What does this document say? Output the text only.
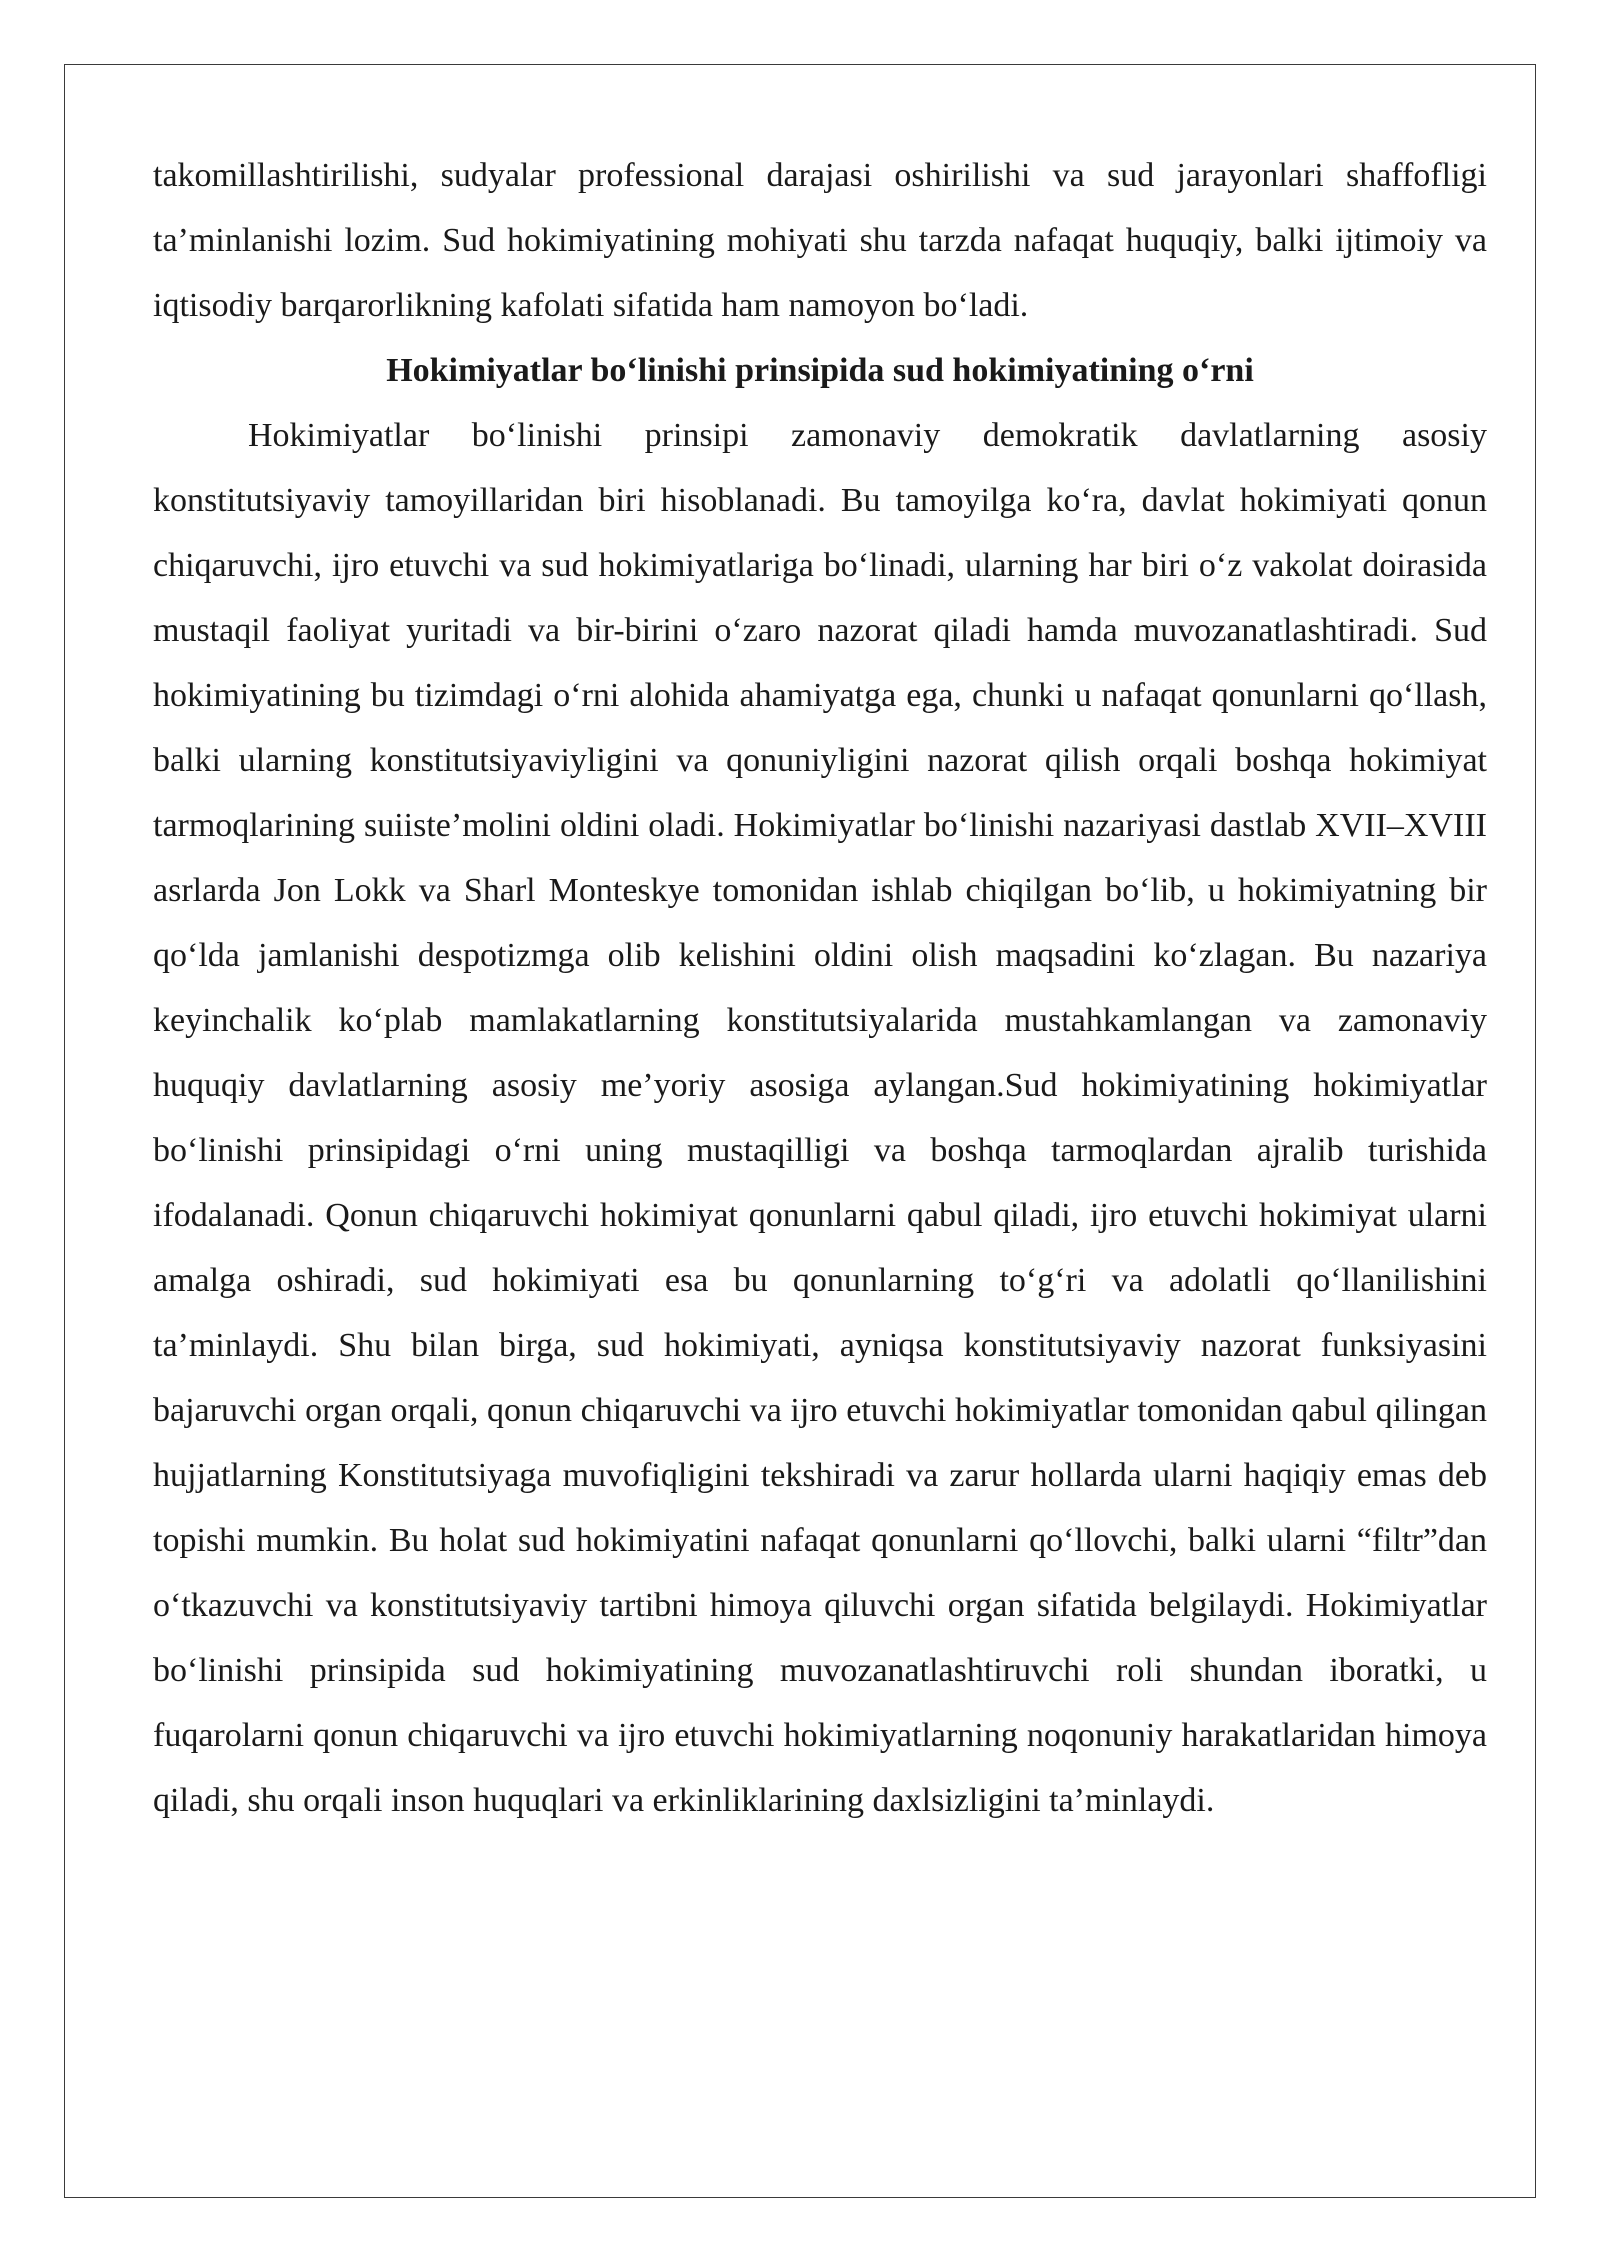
takomillashtirilishi, sudyalar professional darajasi oshirilishi va sud jarayonlari shaffofligi ta’minlanishi lozim. Sud hokimiyatining mohiyati shu tarzda nafaqat huquqiy, balki ijtimoiy va iqtisodiy barqarorlikning kafolati sifatida ham namoyon bo‘ladi.

Hokimiyatlar bo‘linishi prinsipida sud hokimiyatining o‘rni

Hokimiyatlar bo‘linishi prinsipi zamonaviy demokratik davlatlarning asosiy konstitutsiyaviy tamoyillaridan biri hisoblanadi. Bu tamoyilga ko‘ra, davlat hokimiyati qonun chiqaruvchi, ijro etuvchi va sud hokimiyatlariga bo‘linadi, ularning har biri o‘z vakolat doirasida mustaqil faoliyat yuritadi va bir-birini o‘zaro nazorat qiladi hamda muvozanatlashtiradi. Sud hokimiyatining bu tizimdagi o‘rni alohida ahamiyatga ega, chunki u nafaqat qonunlarni qo‘llash, balki ularning konstitutsiyaviyligini va qonuniyligini nazorat qilish orqali boshqa hokimiyat tarmoqlarining suiiste’molini oldini oladi. Hokimiyatlar bo‘linishi nazariyasi dastlab XVII–XVIII asrlarda Jon Lokk va Sharl Monteskye tomonidan ishlab chiqilgan bo‘lib, u hokimiyatning bir qo‘lda jamlanishi despotizmga olib kelishini oldini olish maqsadini ko‘zlagan. Bu nazariya keyinchalik ko‘plab mamlakatlarning konstitutsiyalarida mustahkamlangan va zamonaviy huquqiy davlatlarning asosiy me’yoriy asosiga aylangan.Sud hokimiyatining hokimiyatlar bo‘linishi prinsipidagi o‘rni uning mustaqilligi va boshqa tarmoqlardan ajralib turishida ifodalanadi. Qonun chiqaruvchi hokimiyat qonunlarni qabul qiladi, ijro etuvchi hokimiyat ularni amalga oshiradi, sud hokimiyati esa bu qonunlarning to‘g‘ri va adolatli qo‘llanilishini ta’minlaydi. Shu bilan birga, sud hokimiyati, ayniqsa konstitutsiyaviy nazorat funksiyasini bajaruvchi organ orqali, qonun chiqaruvchi va ijro etuvchi hokimiyatlar tomonidan qabul qilingan hujjatlarning Konstitutsiyaga muvofiqligini tekshiradi va zarur hollarda ularni haqiqiy emas deb topishi mumkin. Bu holat sud hokimiyatini nafaqat qonunlarni qo‘llovchi, balki ularni “filtr”dan o‘tkazuvchi va konstitutsiyaviy tartibni himoya qiluvchi organ sifatida belgilaydi. Hokimiyatlar bo‘linishi prinsipida sud hokimiyatining muvozanatlashtiruvchi roli shundan iboratki, u fuqarolarni qonun chiqaruvchi va ijro etuvchi hokimiyatlarning noqonuniy harakatlaridan himoya qiladi, shu orqali inson huquqlari va erkinliklarining daxlsizligini ta’minlaydi.
